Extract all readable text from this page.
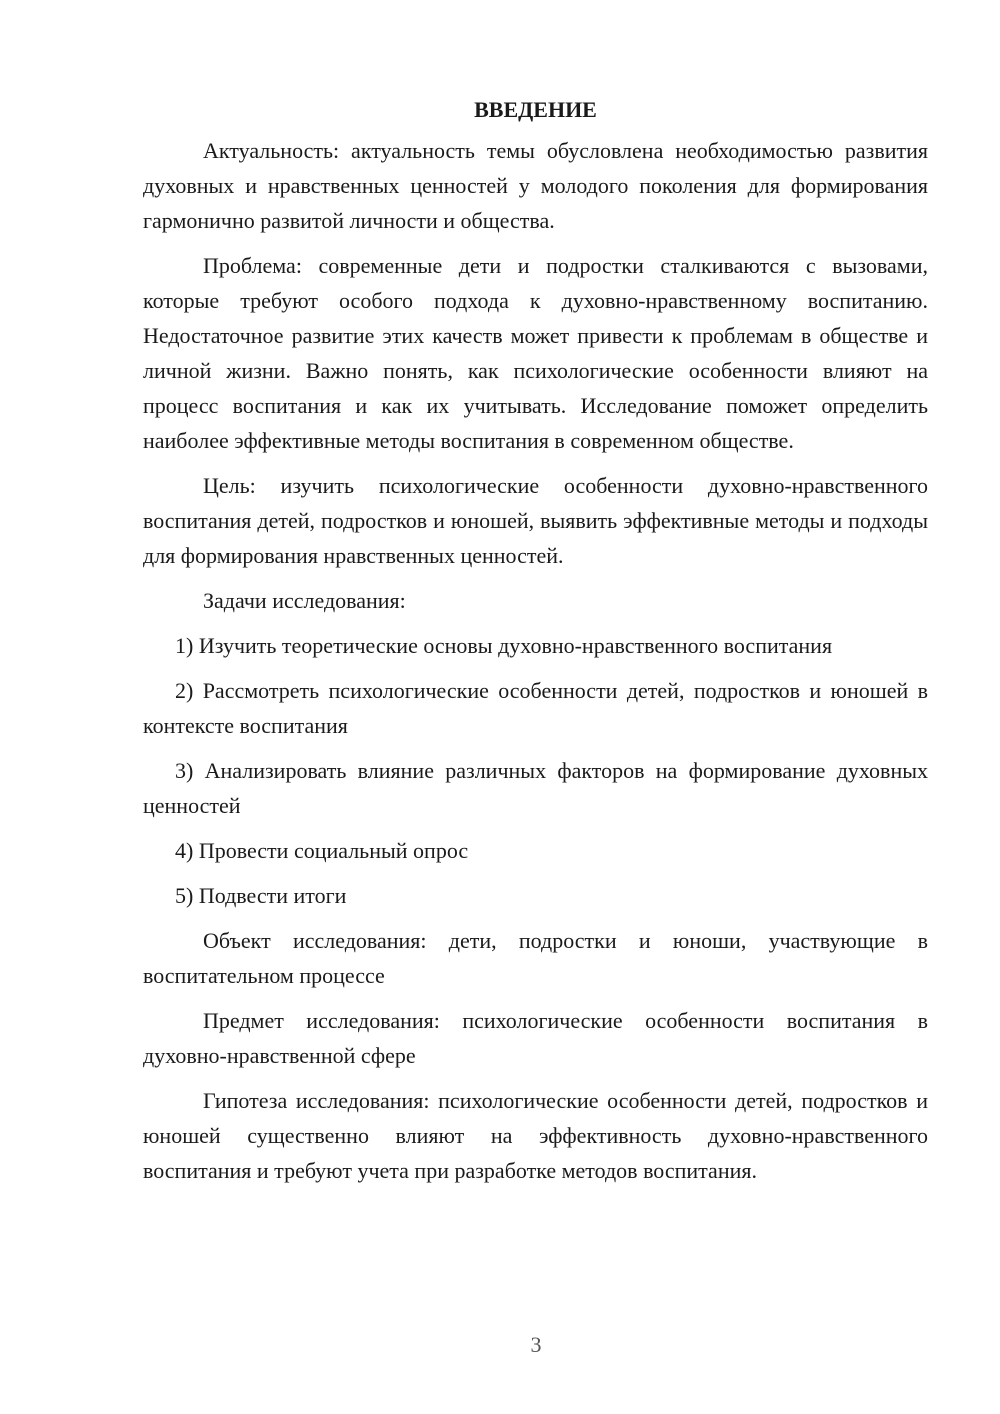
ВВЕДЕНИЕ

Актуальность: актуальность темы обусловлена необходимостью развития духовных и нравственных ценностей у молодого поколения для формирования гармонично развитой личности и общества.

Проблема: современные дети и подростки сталкиваются с вызовами, которые требуют особого подхода к духовно-нравственному воспитанию. Недостаточное развитие этих качеств может привести к проблемам в обществе и личной жизни. Важно понять, как психологические особенности влияют на процесс воспитания и как их учитывать. Исследование поможет определить наиболее эффективные методы воспитания в современном обществе.

Цель: изучить психологические особенности духовно-нравственного воспитания детей, подростков и юношей, выявить эффективные методы и подходы для формирования нравственных ценностей.

Задачи исследования:

1) Изучить теоретические основы духовно-нравственного воспитания

2) Рассмотреть психологические особенности детей, подростков и юношей в контексте воспитания

3) Анализировать влияние различных факторов на формирование духовных ценностей

4) Провести социальный опрос

5) Подвести итоги

Объект исследования: дети, подростки и юноши, участвующие в воспитательном процессе

Предмет исследования: психологические особенности воспитания в духовно-нравственной сфере

Гипотеза исследования: психологические особенности детей, подростков и юношей существенно влияют на эффективность духовно-нравственного воспитания и требуют учета при разработке методов воспитания.

3
